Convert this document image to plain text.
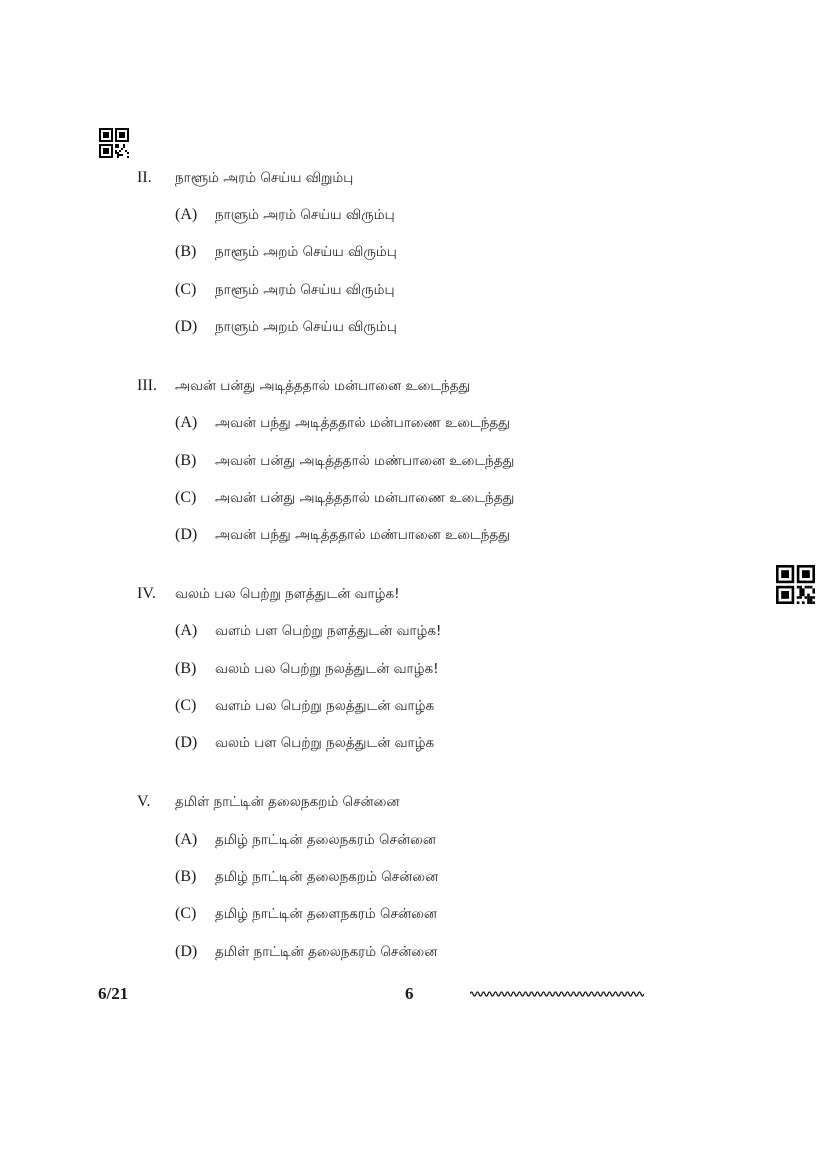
II.	நாளூம் அரம் செய்ய விறும்பு
(A)	நாளும் அரம் செய்ய விரும்பு
(B)	நாளூம் அறம் செய்ய விரும்பு
(C)	நாளூம் அரம் செய்ய விரும்பு
(D)	நாளும் அறம் செய்ய விரும்பு
III.	அவன் பன்து அடித்ததால் மன்பானை உடைந்தது
(A)	அவன் பந்து அடித்ததால் மன்பாணை உடைந்தது
(B)	அவன் பன்து அடித்ததால் மண்பானை உடைந்தது
(C)	அவன் பன்து அடித்ததால் மன்பாணை உடைந்தது
(D)	அவன் பந்து அடித்ததால் மண்பானை உடைந்தது
IV.	வலம் பல பெற்று நளத்துடன் வாழ்க!
(A)	வளம் பள பெற்று நளத்துடன் வாழ்க!
(B)	வலம் பல பெற்று நலத்துடன் வாழ்க!
(C)	வளம் பல பெற்று நலத்துடன் வாழ்க
(D)	வலம் பள பெற்று நலத்துடன் வாழ்க
V.	தமிள் நாட்டின் தலைநகறம் சென்னை
(A)	தமிழ் நாட்டின் தலைநகரம் சென்னை
(B)	தமிழ் நாட்டின் தலைநகறம் சென்னை
(C)	தமிழ் நாட்டின் தளைநகரம் சென்னை
(D)	தமிள் நாட்டின் தலைநகரம் சென்னை
6/21	6
